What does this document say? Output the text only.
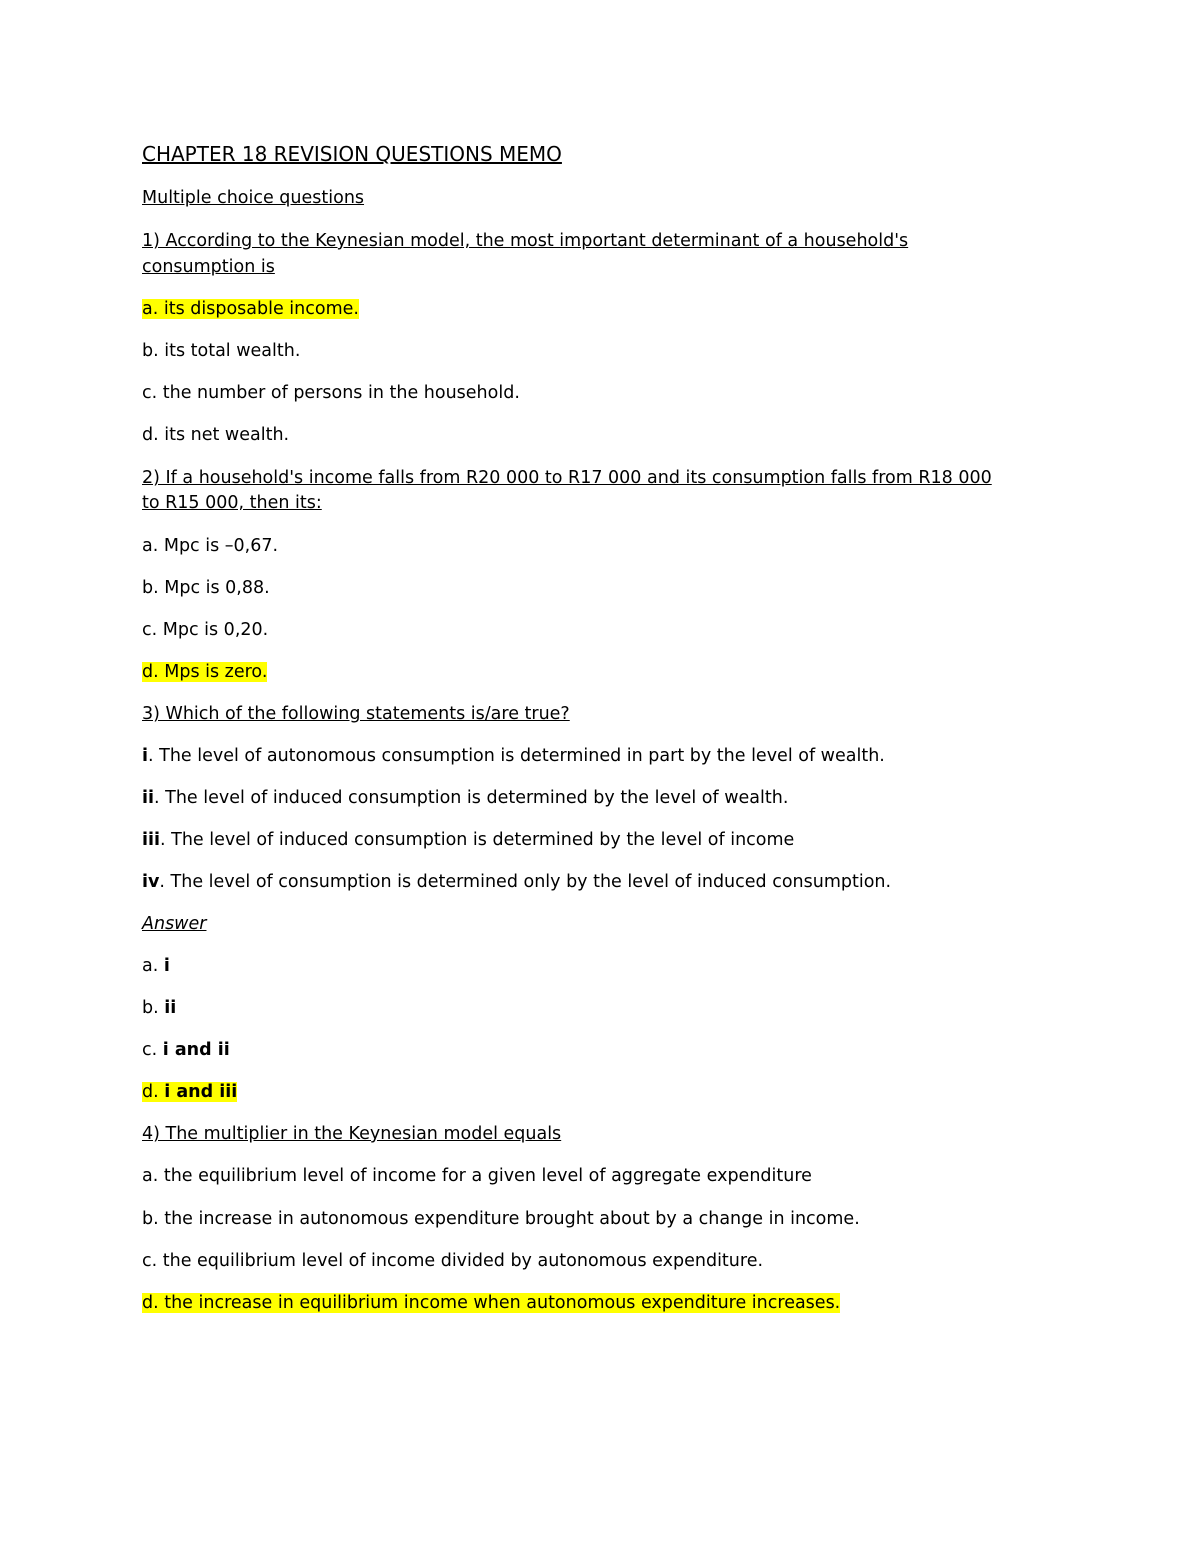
CHAPTER 18 REVISION QUESTIONS MEMO
Multiple choice questions
1) According to the Keynesian model, the most important determinant of a household's
consumption is
a. its disposable income.
b. its total wealth.
c. the number of persons in the household.
d. its net wealth.
2) If a household's income falls from R20 000 to R17 000 and its consumption falls from R18 000
to R15 000, then its:
a. Mpc is –0,67.
b. Mpc is 0,88.
c. Mpc is 0,20.
d. Mps is zero.
3) Which of the following statements is/are true?
i. The level of autonomous consumption is determined in part by the level of wealth.
ii. The level of induced consumption is determined by the level of wealth.
iii. The level of induced consumption is determined by the level of income
iv. The level of consumption is determined only by the level of induced consumption.
Answer
a. i
b. ii
c. i and ii
d. i and iii
4) The multiplier in the Keynesian model equals
a. the equilibrium level of income for a given level of aggregate expenditure
b. the increase in autonomous expenditure brought about by a change in income.
c. the equilibrium level of income divided by autonomous expenditure.
d. the increase in equilibrium income when autonomous expenditure increases.
